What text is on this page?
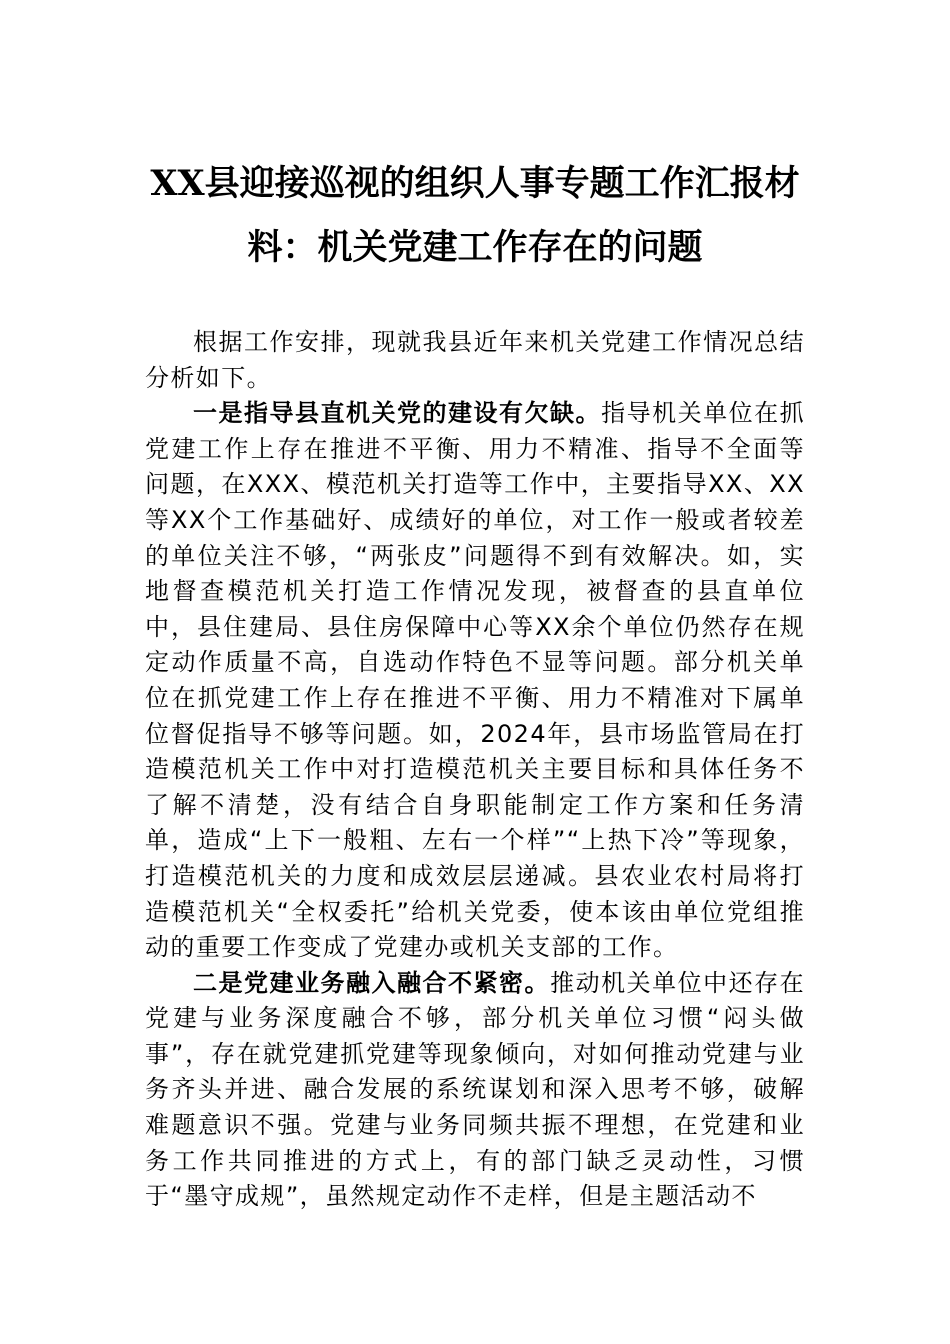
XX县迎接巡视的组织人事专题工作汇报材
料：机关党建工作存在的问题

根据工作安排，现就我县近年来机关党建工作情况总结分析如下。

一是指导县直机关党的建设有欠缺。指导机关单位在抓党建工作上存在推进不平衡、用力不精准、指导不全面等问题，在XXX、模范机关打造等工作中，主要指导XX、XX等XX个工作基础好、成绩好的单位，对工作一般或者较差的单位关注不够，“两张皮”问题得不到有效解决。如，实地督查模范机关打造工作情况发现，被督查的县直单位中，县住建局、县住房保障中心等XX余个单位仍然存在规定动作质量不高，自选动作特色不显等问题。部分机关单位在抓党建工作上存在推进不平衡、用力不精准对下属单位督促指导不够等问题。如，2024年，县市场监管局在打造模范机关工作中对打造模范机关主要目标和具体任务不了解不清楚，没有结合自身职能制定工作方案和任务清单，造成“上下一般粗、左右一个样”“上热下冷”等现象，打造模范机关的力度和成效层层递减。县农业农村局将打造模范机关“全权委托”给机关党委，使本该由单位党组推动的重要工作变成了党建办或机关支部的工作。

二是党建业务融入融合不紧密。推动机关单位中还存在党建与业务深度融合不够，部分机关单位习惯“闷头做事”，存在就党建抓党建等现象倾向，对如何推动党建与业务齐头并进、融合发展的系统谋划和深入思考不够，破解难题意识不强。党建与业务同频共振不理想，在党建和业务工作共同推进的方式上，有的部门缺乏灵动性，习惯于“墨守成规”，虽然规定动作不走样，但是主题活动不
